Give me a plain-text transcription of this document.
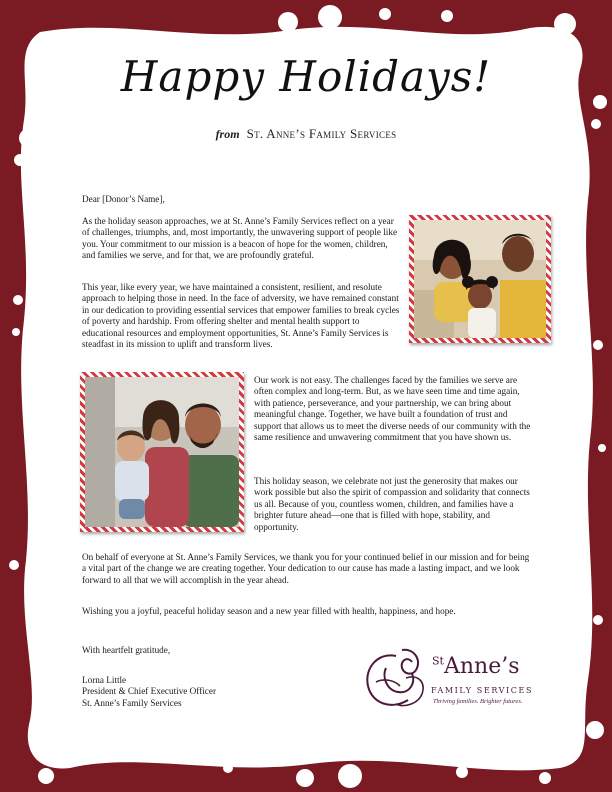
Happy Holidays!
from St. Anne’s Family Services
Dear [Donor’s Name],
As the holiday season approaches, we at St. Anne’s Family Services reflect on a year of challenges, triumphs, and, most importantly, the unwavering support of people like you. Your commitment to our mission is a beacon of hope for the women, children, and families we serve, and for that, we are profoundly grateful.
This year, like every year, we have maintained a consistent, resilient, and resolute approach to helping those in need. In the face of adversity, we have remained constant in our dedication to providing essential services that empower families to break cycles of poverty and hardship. From offering shelter and mental health support to educational resources and employment opportunities, St. Anne’s Family Services is steadfast in its mission to uplift and transform lives.
Our work is not easy. The challenges faced by the families we serve are often complex and long-term. But, as we have seen time and time again, with patience, perseverance, and your partnership, we can bring about meaningful change. Together, we have built a foundation of trust and support that allows us to meet the diverse needs of our community with the same resilience and unwavering commitment that you have shown us.
This holiday season, we celebrate not just the generosity that makes our work possible but also the spirit of compassion and solidarity that connects us all. Because of you, countless women, children, and families have a brighter future ahead—one that is filled with hope, stability, and opportunity.
On behalf of everyone at St. Anne’s Family Services, we thank you for your continued belief in our mission and for being a vital part of the change we are creating together. Your dedication to our cause has made a lasting impact, and we look forward to all that we will accomplish in the year ahead.
Wishing you a joyful, peaceful holiday season and a new year filled with health, happiness, and hope.
With heartfelt gratitude,
Lorna Little
President & Chief Executive Officer
St. Anne’s Family Services
$^{St}$Anne’s
FAMILY SERVICES
Thriving families. Brighter futures.
